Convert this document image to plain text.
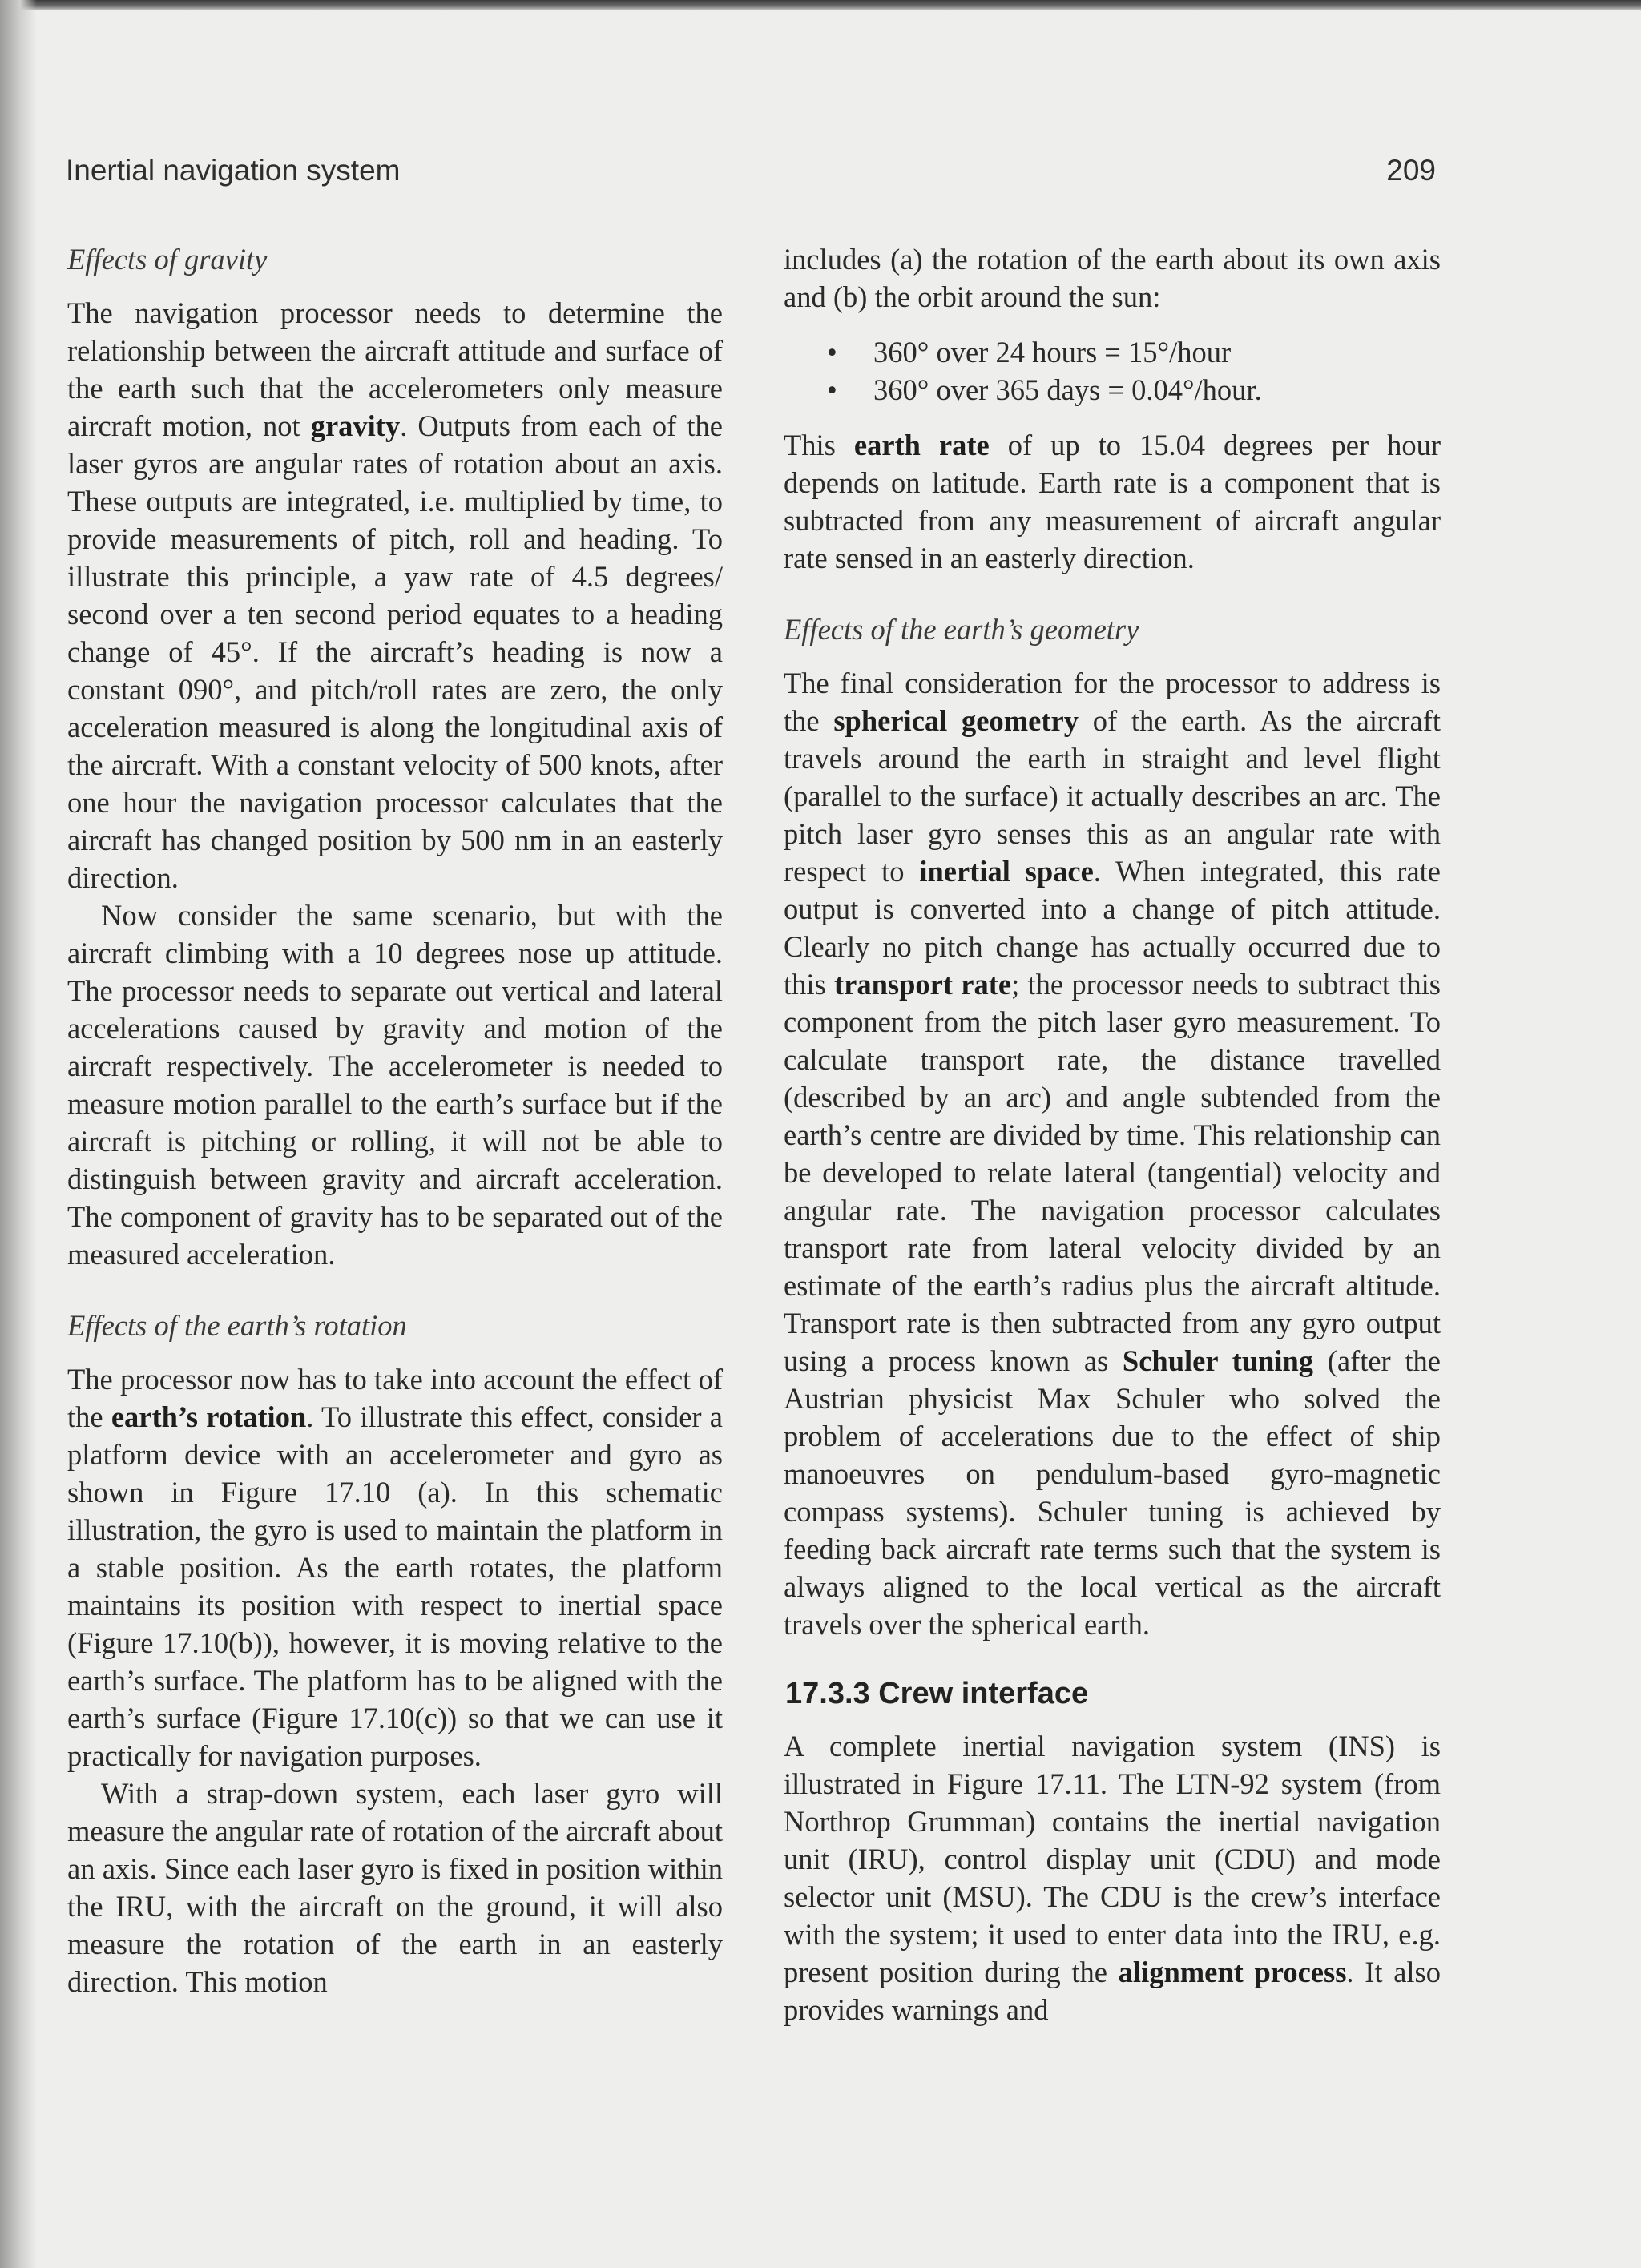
Inertial navigation system	209

Effects of gravity

The navigation processor needs to determine the relationship between the aircraft attitude and surface of the earth such that the accelerometers only measure aircraft motion, not gravity. Outputs from each of the laser gyros are angular rates of rotation about an axis. These outputs are integrated, i.e. multiplied by time, to provide measurements of pitch, roll and heading. To illustrate this principle, a yaw rate of 4.5 degrees/ second over a ten second period equates to a heading change of 45°. If the aircraft’s heading is now a constant 090°, and pitch/roll rates are zero, the only acceleration measured is along the longitudinal axis of the aircraft. With a constant velocity of 500 knots, after one hour the navigation processor calculates that the aircraft has changed position by 500 nm in an easterly direction.

Now consider the same scenario, but with the aircraft climbing with a 10 degrees nose up attitude. The processor needs to separate out vertical and lateral accelerations caused by gravity and motion of the aircraft respectively. The accelerometer is needed to measure motion parallel to the earth’s surface but if the aircraft is pitching or rolling, it will not be able to distinguish between gravity and aircraft acceleration. The component of gravity has to be separated out of the measured acceleration.

Effects of the earth’s rotation

The processor now has to take into account the effect of the earth’s rotation. To illustrate this effect, consider a platform device with an accelerometer and gyro as shown in Figure 17.10 (a). In this schematic illustration, the gyro is used to maintain the platform in a stable position. As the earth rotates, the platform maintains its position with respect to inertial space (Figure 17.10(b)), however, it is moving relative to the earth’s surface. The platform has to be aligned with the earth’s surface (Figure 17.10(c)) so that we can use it practically for navigation purposes.

With a strap-down system, each laser gyro will measure the angular rate of rotation of the aircraft about an axis. Since each laser gyro is fixed in position within the IRU, with the aircraft on the ground, it will also measure the rotation of the earth in an easterly direction. This motion

includes (a) the rotation of the earth about its own axis and (b) the orbit around the sun:

• 360° over 24 hours = 15°/hour
• 360° over 365 days = 0.04°/hour.

This earth rate of up to 15.04 degrees per hour depends on latitude. Earth rate is a component that is subtracted from any measurement of aircraft angular rate sensed in an easterly direction.

Effects of the earth’s geometry

The final consideration for the processor to address is the spherical geometry of the earth. As the aircraft travels around the earth in straight and level flight (parallel to the surface) it actually describes an arc. The pitch laser gyro senses this as an angular rate with respect to inertial space. When integrated, this rate output is converted into a change of pitch attitude. Clearly no pitch change has actually occurred due to this transport rate; the processor needs to subtract this component from the pitch laser gyro measurement. To calculate transport rate, the distance travelled (described by an arc) and angle subtended from the earth’s centre are divided by time. This relationship can be developed to relate lateral (tangential) velocity and angular rate. The navigation processor calculates transport rate from lateral velocity divided by an estimate of the earth’s radius plus the aircraft altitude. Transport rate is then subtracted from any gyro output using a process known as Schuler tuning (after the Austrian physicist Max Schuler who solved the problem of accelerations due to the effect of ship manoeuvres on pendulum-based gyro-magnetic compass systems). Schuler tuning is achieved by feeding back aircraft rate terms such that the system is always aligned to the local vertical as the aircraft travels over the spherical earth.

17.3.3 Crew interface

A complete inertial navigation system (INS) is illustrated in Figure 17.11. The LTN-92 system (from Northrop Grumman) contains the inertial navigation unit (IRU), control display unit (CDU) and mode selector unit (MSU). The CDU is the crew’s interface with the system; it used to enter data into the IRU, e.g. present position during the alignment process. It also provides warnings and
